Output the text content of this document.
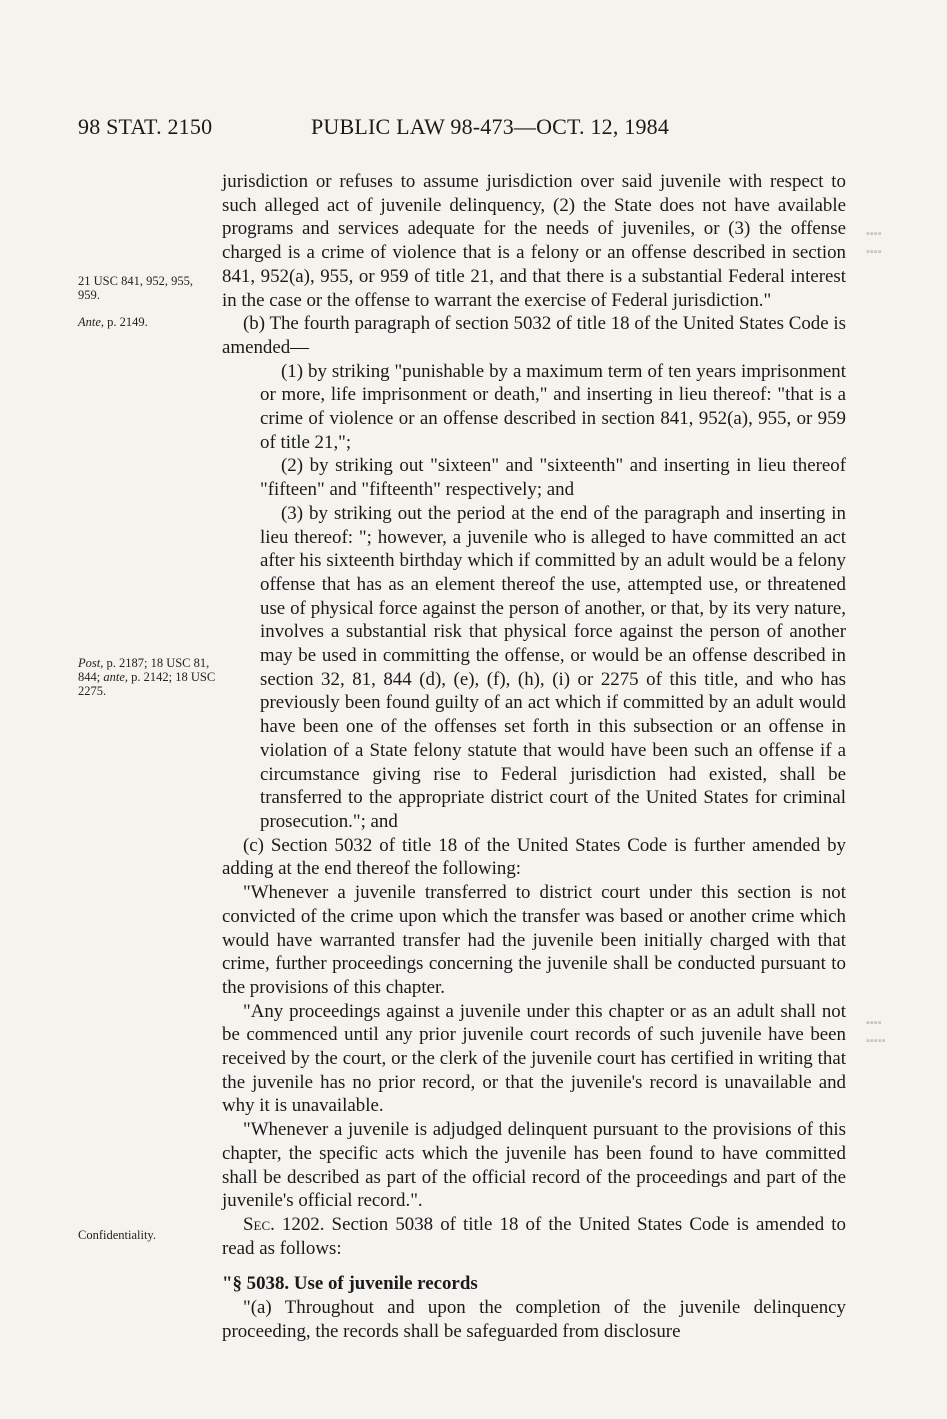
98 STAT. 2150	PUBLIC LAW 98-473—OCT. 12, 1984
▪▪▪▪
▪▪▪▪
▪▪▪▪
▪▪▪▪▪
21 USC 841, 952, 955, 959.
Ante, p. 2149.
Post, p. 2187; 18 USC 81, 844; ante, p. 2142; 18 USC 2275.
Confidentiality.

jurisdiction or refuses to assume jurisdiction over said juvenile with respect to such alleged act of juvenile delinquency, (2) the State does not have available programs and services adequate for the needs of juveniles, or (3) the offense charged is a crime of violence that is a felony or an offense described in section 841, 952(a), 955, or 959 of title 21, and that there is a substantial Federal interest in the case or the offense to warrant the exercise of Federal jurisdiction."

(b) The fourth paragraph of section 5032 of title 18 of the United States Code is amended—

(1) by striking "punishable by a maximum term of ten years imprisonment or more, life imprisonment or death," and inserting in lieu thereof: "that is a crime of violence or an offense described in section 841, 952(a), 955, or 959 of title 21,";

(2) by striking out "sixteen" and "sixteenth" and inserting in lieu thereof "fifteen" and "fifteenth" respectively; and

(3) by striking out the period at the end of the paragraph and inserting in lieu thereof: "; however, a juvenile who is alleged to have committed an act after his sixteenth birthday which if committed by an adult would be a felony offense that has as an element thereof the use, attempted use, or threatened use of physical force against the person of another, or that, by its very nature, involves a substantial risk that physical force against the person of another may be used in committing the offense, or would be an offense described in section 32, 81, 844 (d), (e), (f), (h), (i) or 2275 of this title, and who has previously been found guilty of an act which if committed by an adult would have been one of the offenses set forth in this subsection or an offense in violation of a State felony statute that would have been such an offense if a circumstance giving rise to Federal jurisdiction had existed, shall be transferred to the appropriate district court of the United States for criminal prosecution."; and

(c) Section 5032 of title 18 of the United States Code is further amended by adding at the end thereof the following:

"Whenever a juvenile transferred to district court under this section is not convicted of the crime upon which the transfer was based or another crime which would have warranted transfer had the juvenile been initially charged with that crime, further proceedings concerning the juvenile shall be conducted pursuant to the provisions of this chapter.

"Any proceedings against a juvenile under this chapter or as an adult shall not be commenced until any prior juvenile court records of such juvenile have been received by the court, or the clerk of the juvenile court has certified in writing that the juvenile has no prior record, or that the juvenile's record is unavailable and why it is unavailable.

"Whenever a juvenile is adjudged delinquent pursuant to the provisions of this chapter, the specific acts which the juvenile has been found to have committed shall be described as part of the official record of the proceedings and part of the juvenile's official record.".

Sec. 1202. Section 5038 of title 18 of the United States Code is amended to read as follows:

"§ 5038. Use of juvenile records

"(a) Throughout and upon the completion of the juvenile delinquency proceeding, the records shall be safeguarded from disclosure
